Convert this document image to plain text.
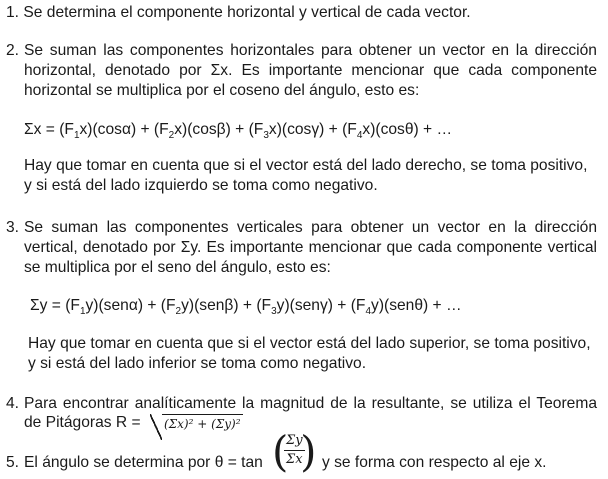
1. Se determina el componente horizontal y vertical de cada vector.
2. Se suman las componentes horizontales para obtener un vector en la dirección
horizontal, denotado por Σx. Es importante mencionar que cada componente
horizontal se multiplica por el coseno del ángulo, esto es:
$\Sigma x = (F_1x)(\cos\alpha) + (F_2x)(\cos\beta) + (F_3x)(\cos\gamma) + (F_4x)(\cos\theta)$ + …
Hay que tomar en cuenta que si el vector está del lado derecho, se toma positivo,
y si está del lado izquierdo se toma como negativo.
3. Se suman las componentes verticales para obtener un vector en la dirección
vertical, denotado por Σy. Es importante mencionar que cada componente vertical
se multiplica por el seno del ángulo, esto es:
$\Sigma y = (F_1y)(sen\alpha) + (F_2y)(sen\beta) + (F_3y)(sen\gamma) + (F_4y)(sen\theta)$ + …
Hay que tomar en cuenta que si el vector está del lado superior, se toma positivo,
y si está del lado inferior se toma como negativo.
4. Para encontrar analíticamente la magnitud de la resultante, se utiliza el Teorema
de Pitágoras R =	(Σx)² + (Σy)²
5. El ángulo se determina por θ = tan (
$\frac{\Sigma y}{\Sigma x}$
) y se forma con respecto al eje x.
